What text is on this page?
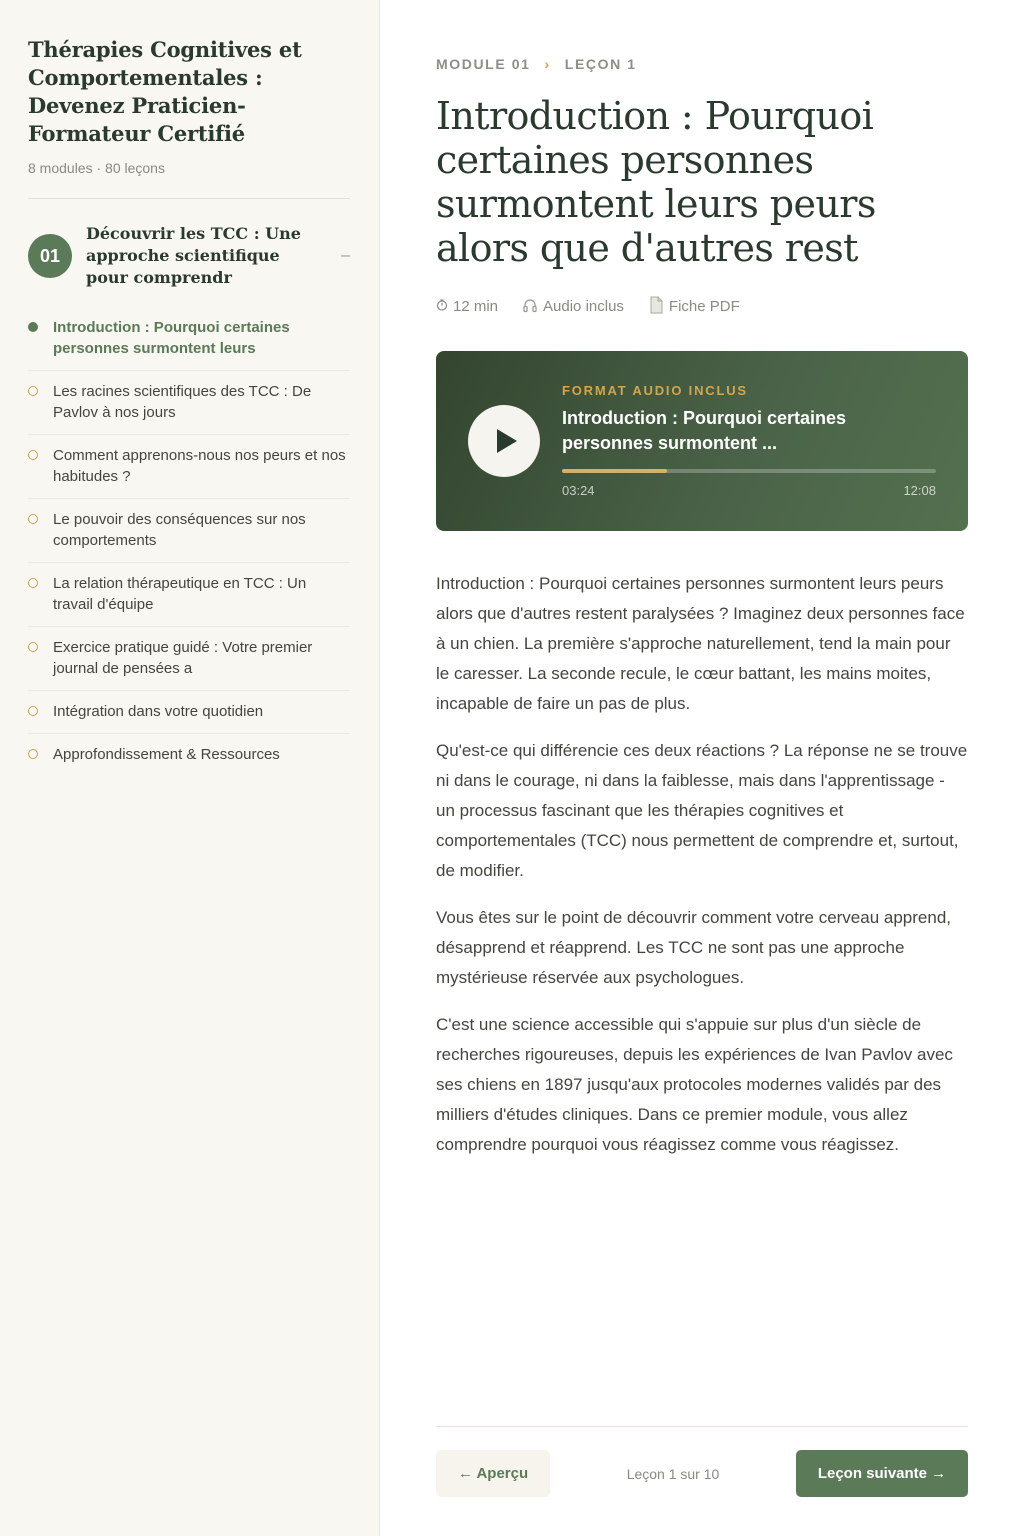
Thérapies Cognitives et Comportementales : Devenez Praticien-Formateur Certifié
8 modules · 80 leçons
01
Découvrir les TCC : Une approche scientifique pour comprendr
–
Introduction : Pourquoi certaines personnes surmontent leurs
Les racines scientifiques des TCC : De Pavlov à nos jours
Comment apprenons-nous nos peurs et nos habitudes ?
Le pouvoir des conséquences sur nos comportements
La relation thérapeutique en TCC : Un travail d'équipe
Exercice pratique guidé : Votre premier journal de pensées a
Intégration dans votre quotidien
Approfondissement & Ressources
MODULE 01 › LEÇON 1
Introduction : Pourquoi certaines personnes surmontent leurs peurs alors que d'autres rest
12 min	Audio inclus	Fiche PDF
FORMAT AUDIO INCLUS
Introduction : Pourquoi certaines personnes surmontent ...
03:24	12:08

Introduction : Pourquoi certaines personnes surmontent leurs peurs alors que d'autres restent paralysées ? Imaginez deux personnes face à un chien. La première s'approche naturellement, tend la main pour le caresser. La seconde recule, le cœur battant, les mains moites, incapable de faire un pas de plus.

Qu'est-ce qui différencie ces deux réactions ? La réponse ne se trouve ni dans le courage, ni dans la faiblesse, mais dans l'apprentissage - un processus fascinant que les thérapies cognitives et comportementales (TCC) nous permettent de comprendre et, surtout, de modifier.

Vous êtes sur le point de découvrir comment votre cerveau apprend, désapprend et réapprend. Les TCC ne sont pas une approche mystérieuse réservée aux psychologues.

C'est une science accessible qui s'appuie sur plus d'un siècle de recherches rigoureuses, depuis les expériences de Ivan Pavlov avec ses chiens en 1897 jusqu'aux protocoles modernes validés par des milliers d'études cliniques. Dans ce premier module, vous allez comprendre pourquoi vous réagissez comme vous réagissez.

← Aperçu	Leçon 1 sur 10	Leçon suivante →
